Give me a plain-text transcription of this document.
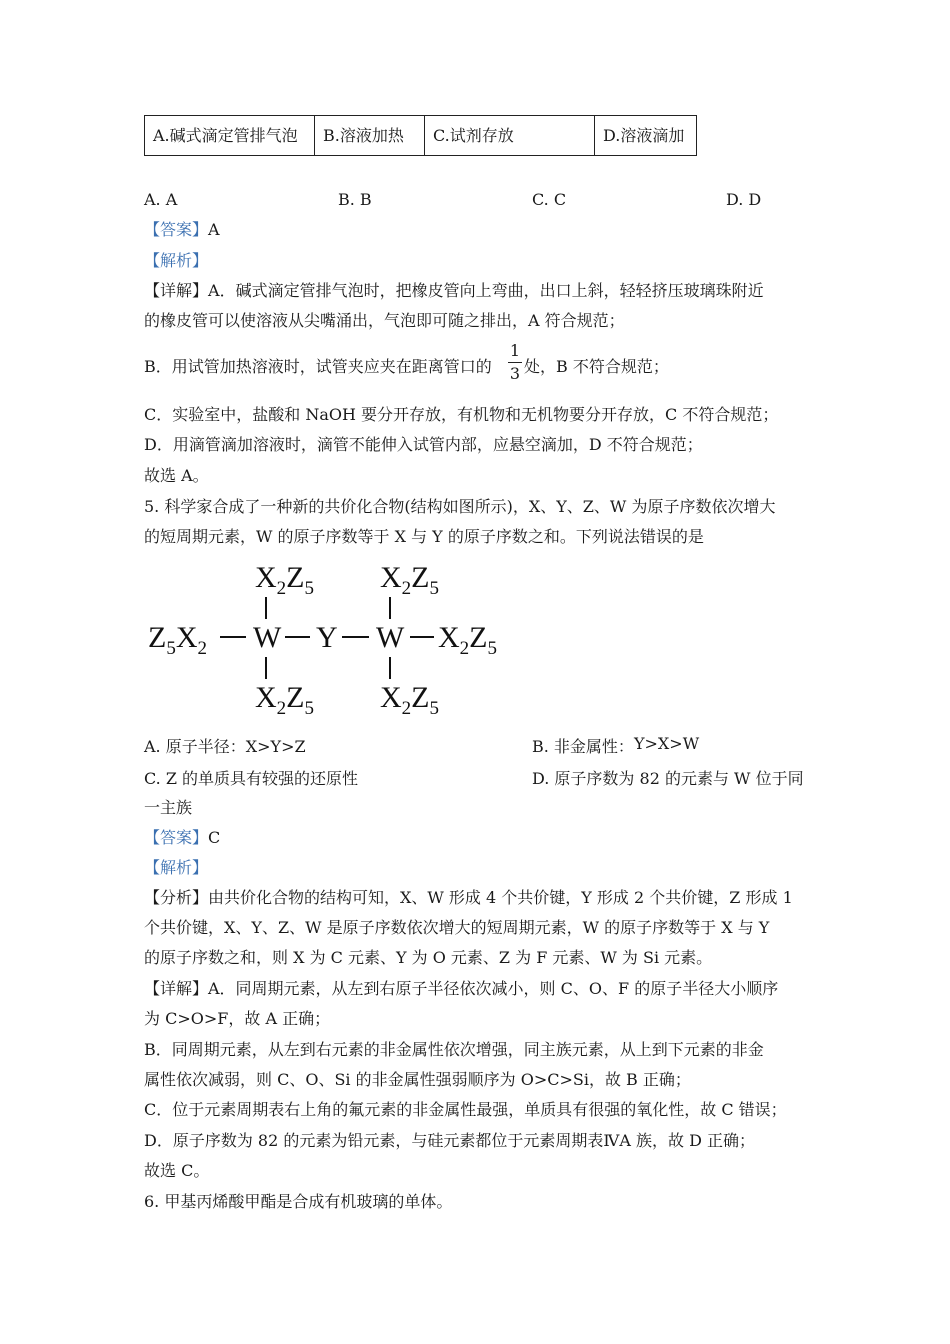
A.碱式滴定管排气泡	B.溶液加热	C.试剂存放	D.溶液滴加
A. A	B. B	C. C	D. D
【答案】A
【解析】
【详解】A．碱式滴定管排气泡时，把橡皮管向上弯曲，出口上斜，轻轻挤压玻璃珠附近
的橡皮管可以使溶液从尖嘴涌出，气泡即可随之排出，A 符合规范；
B．用试管加热溶液时，试管夹应夹在距离管口的
1
3 处，B 不符合规范；
C．实验室中，盐酸和 NaOH 要分开存放，有机物和无机物要分开存放，C 不符合规范；
D．用滴管滴加溶液时，滴管不能伸入试管内部，应悬空滴加，D 不符合规范；
故选 A。
5. 科学家合成了一种新的共价化合物(结构如图所示)，X、Y、Z、W 为原子序数依次增大
的短周期元素，W 的原子序数等于 X 与 Y 的原子序数之和。下列说法错误的是
$X_2Z_5$ $X_2Z_5$
$Z_5X_2$ W Y W $X_2Z_5$
$X_2Z_5$ $X_2Z_5$
A. 原子半径：X>Y>Z	B. 非金属性：Y>X>W
C. Z 的单质具有较强的还原性	D. 原子序数为 82 的元素与 W 位于同
一主族
【答案】C
【解析】
【分析】由共价化合物的结构可知，X、W 形成 4 个共价键，Y 形成 2 个共价键，Z 形成 1
个共价键，X、Y、Z、W 是原子序数依次增大的短周期元素，W 的原子序数等于 X 与 Y
的原子序数之和，则 X 为 C 元素、Y 为 O 元素、Z 为 F 元素、W 为 Si 元素。
【详解】A．同周期元素，从左到右原子半径依次减小，则 C、O、F 的原子半径大小顺序
为 C>O>F，故 A 正确；
B．同周期元素，从左到右元素的非金属性依次增强，同主族元素，从上到下元素的非金
属性依次减弱，则 C、O、Si 的非金属性强弱顺序为 O>C>Si，故 B 正确；
C．位于元素周期表右上角的氟元素的非金属性最强，单质具有很强的氧化性，故 C 错误；
D．原子序数为 82 的元素为铅元素，与硅元素都位于元素周期表ⅣA 族，故 D 正确；
故选 C。
6. 甲基丙烯酸甲酯是合成有机玻璃的单体。
